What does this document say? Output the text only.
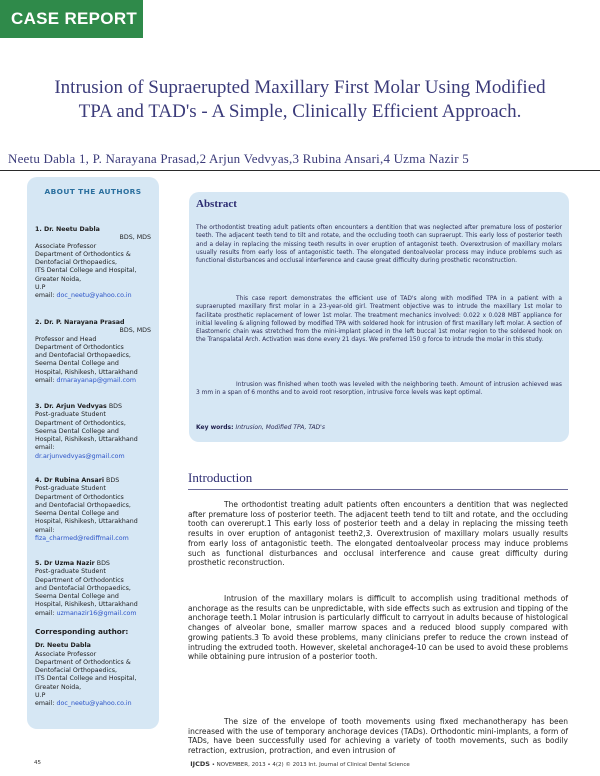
CASE REPORT
Intrusion of Supraerupted Maxillary First Molar Using Modified
TPA and TAD's - A Simple, Clinically Efficient Approach.
Neetu Dabla 1, P. Narayana Prasad,2 Arjun Vedvyas,3 Rubina Ansari,4 Uzma Nazir 5
ABOUT THE AUTHORS
1. Dr. Neetu Dabla
BDS, MDS
Associate Professor
Department of Orthodontics &
Dentofacial Orthopaedics,
ITS Dental College and Hospital,
Greater Noida,
U.P
email: doc_neetu@yahoo.co.in
2. Dr. P. Narayana Prasad
BDS, MDS
Professor and Head
Department of Orthodontics
and Dentofacial Orthopaedics,
Seema Dental College and
Hospital, Rishikesh, Uttarakhand
email: drnarayanap@gmail.com
3. Dr. Arjun Vedvyas BDS
Post-graduate Student
Department of Orthodontics,
Seema Dental College and
Hospital, Rishikesh, Uttarakhand
email:
dr.arjunvedvyas@gmail.com
4. Dr Rubina Ansari BDS
Post-graduate Student
Department of Orthodontics
and Dentofacial Orthopaedics,
Seema Dental College and
Hospital, Rishikesh, Uttarakhand
email:
fiza_charmed@rediffmail.com
5. Dr Uzma Nazir BDS
Post-graduate Student
Department of Orthodontics
and Dentofacial Orthopaedics,
Seema Dental College and
Hospital, Rishikesh, Uttarakhand
email: uzmanazir16@gmail.com
Corresponding author:
Dr. Neetu Dabla
Associate Professor
Department of Orthodontics &
Dentofacial Orthopaedics,
ITS Dental College and Hospital,
Greater Noida,
U.P
email: doc_neetu@yahoo.co.in
Abstract
The orthodontist treating adult patients often encounters a dentition that was neglected after premature loss of posterior teeth. The adjacent teeth tend to tilt and rotate, and the occluding tooth can supraerupt. This early loss of posterior teeth and a delay in replacing the missing teeth results in over eruption of antagonist teeth. Overextrusion of maxillary molars usually results from early loss of antagonistic teeth. The elongated dentoalveolar process may induce problems such as functional disturbances and occlusal interference and cause great difficulty during prosthetic reconstruction.
This case report demonstrates the efficient use of TAD's along with modified TPA in a patient with a supraerupted maxillary first molar in a 23-year-old girl. Treatment objective was to intrude the maxillary 1st molar to facilitate prosthetic replacement of lower 1st molar. The treatment mechanics involved: 0.022 x 0.028 MBT appliance for initial leveling & aligning followed by modified TPA with soldered hook for intrusion of first maxillary left molar. A section of Elastomeric chain was stretched from the mini-implant placed in the left buccal 1st molar region to the soldered hook on the Transpalatal Arch. Activation was done every 21 days. We preferred 150 g force to intrude the molar in this study.
Intrusion was finished when tooth was leveled with the neighboring teeth. Amount of intrusion achieved was 3 mm in a span of 6 months and to avoid root resorption, intrusive force levels was kept optimal.
Key words: Intrusion, Modified TPA, TAD's
Introduction
The orthodontist treating adult patients often encounters a dentition that was neglected after premature loss of posterior teeth. The adjacent teeth tend to tilt and rotate, and the occluding tooth can overerupt.1 This early loss of posterior teeth and a delay in replacing the missing teeth results in over eruption of antagonist teeth2,3. Overextrusion of maxillary molars usually results from early loss of antagonistic teeth. The elongated dentoalveolar process may induce problems such as functional disturbances and occlusal interference and cause great difficulty during prosthetic reconstruction.
Intrusion of the maxillary molars is difficult to accomplish using traditional methods of anchorage as the results can be unpredictable, with side effects such as extrusion and tipping of the anchorage teeth.1 Molar intrusion is particularly difficult to carryout in adults because of histological changes of alveolar bone, smaller marrow spaces and a reduced blood supply compared with growing patients.3 To avoid these problems, many clinicians prefer to reduce the crown instead of intruding the extruded tooth. However, skeletal anchorage4-10 can be used to avoid these problems while obtaining pure intrusion of a posterior tooth.
The size of the envelope of tooth movements using fixed mechanotherapy has been increased with the use of temporary anchorage devices (TADs). Orthodontic mini-implants, a form of TADs, have been successfully used for achieving a variety of tooth movements, such as bodily retraction, extrusion, protraction, and even intrusion of
45	IJCDS • NOVEMBER, 2013 • 4(2) © 2013 Int. Journal of Clinical Dental Science
